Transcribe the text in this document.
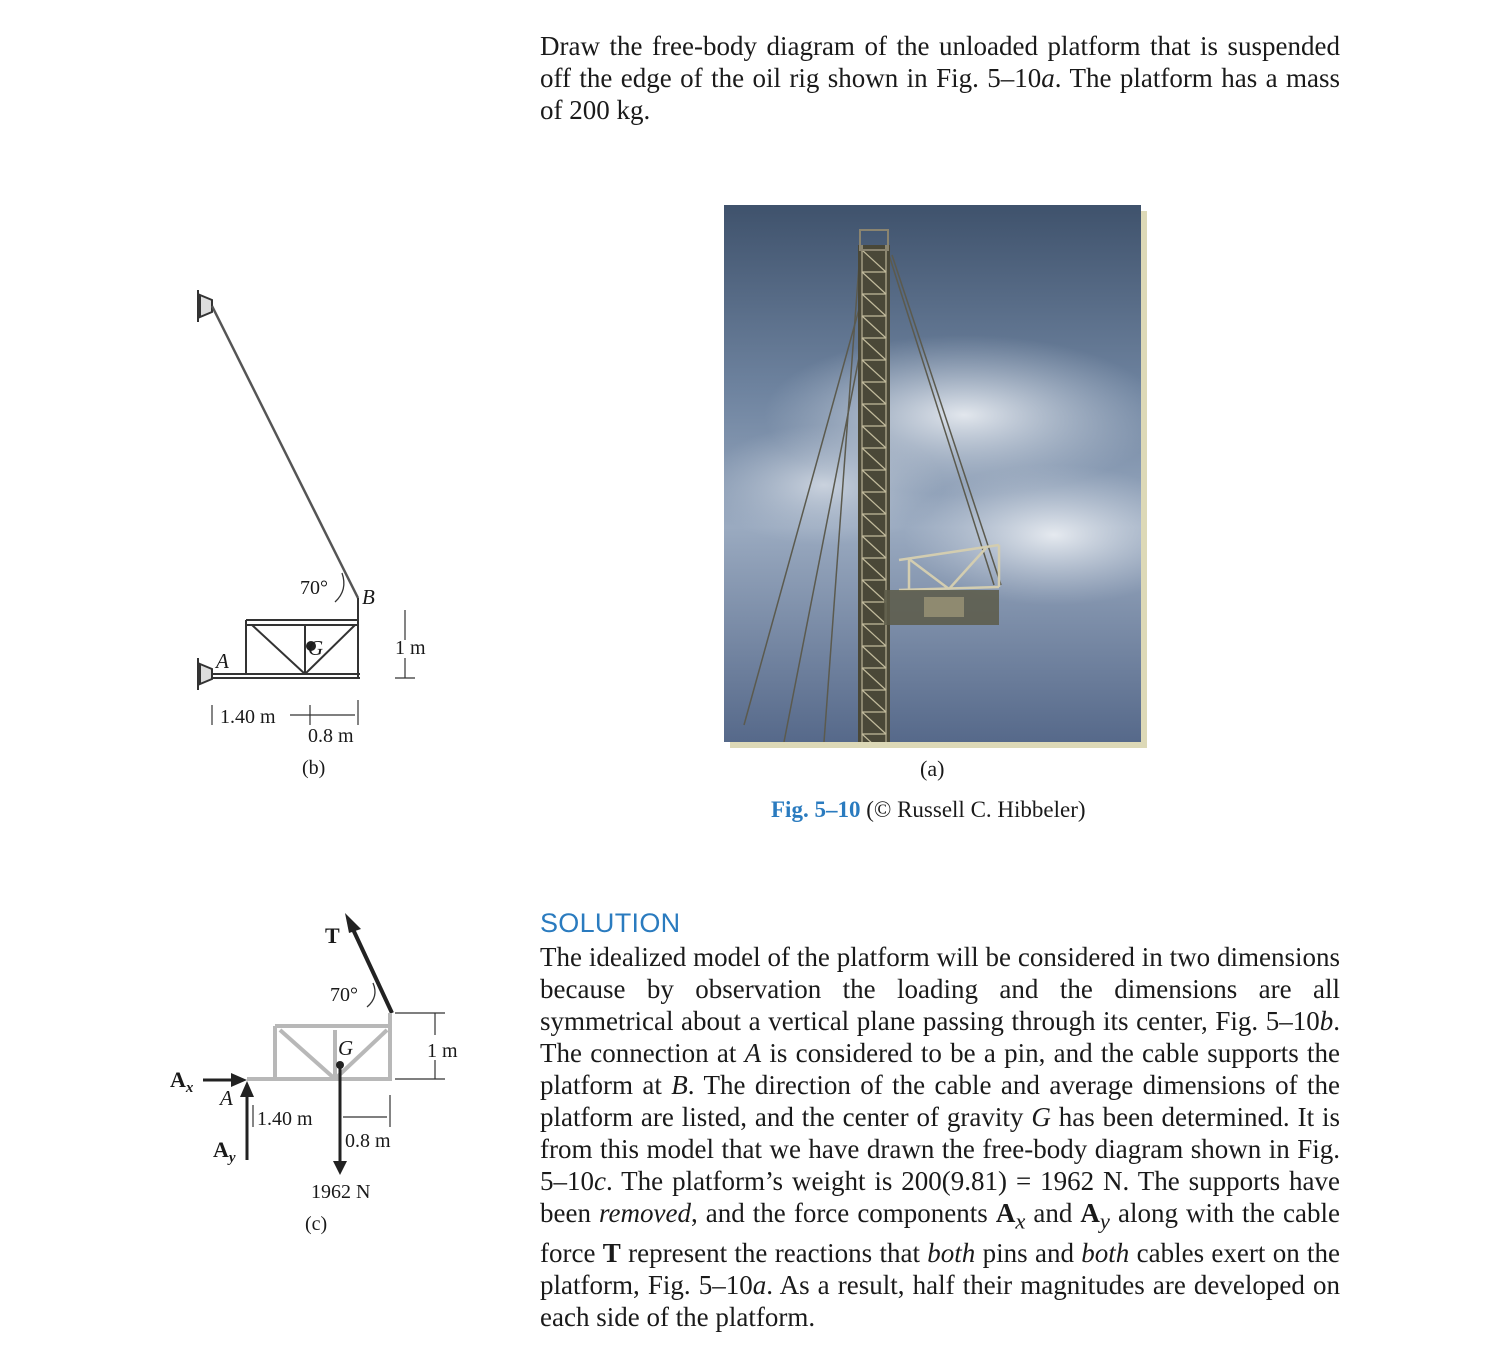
Draw the free-body diagram of the unloaded platform that is suspended off the edge of the oil rig shown in Fig. 5–10a. The platform has a mass of 200 kg.
(a)
Fig. 5–10 (© Russell C. Hibbeler)
G
A
B
70°
1 m
1.40 m
0.8 m
(b)
T
70°
G
1962 N
$A_x$
$A_y$
A
1 m
1.40 m
0.8 m
(c)
SOLUTION
The idealized model of the platform will be considered in two dimensions because by observation the loading and the dimensions are all symmetrical about a vertical plane passing through its center, Fig. 5–10b. The connection at A is considered to be a pin, and the cable supports the platform at B. The direction of the cable and average dimensions of the platform are listed, and the center of gravity G has been determined. It is from this model that we have drawn the free-body diagram shown in Fig. 5–10c. The platform’s weight is 200(9.81) = 1962 N. The supports have been removed, and the force components $A_x$ and $A_y$ along with the cable force T represent the reactions that both pins and both cables exert on the platform, Fig. 5–10a. As a result, half their magnitudes are developed on each side of the platform.
